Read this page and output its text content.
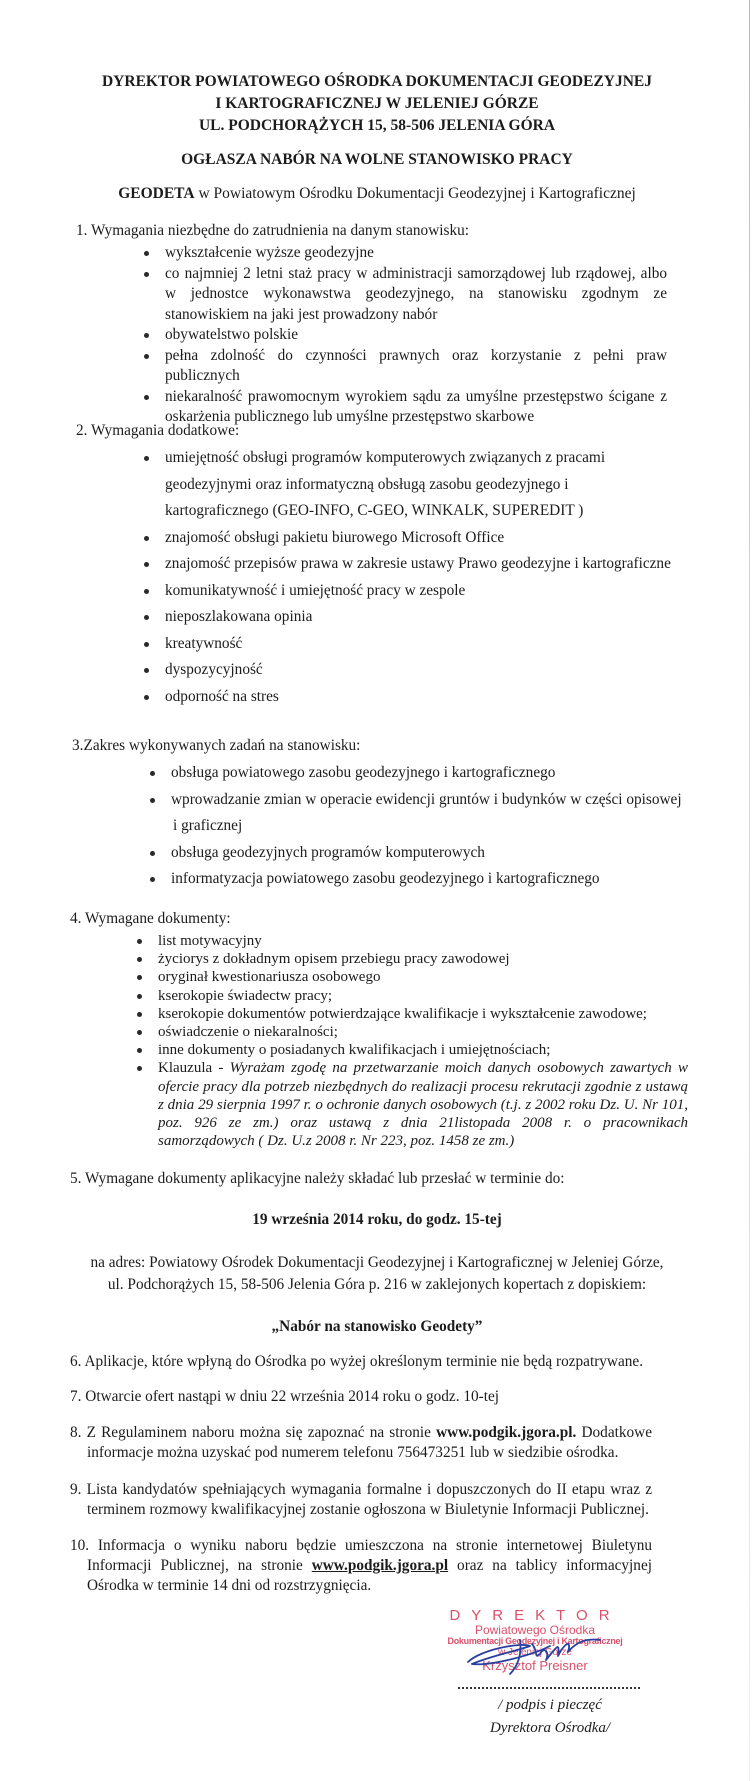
DYREKTOR POWIATOWEGO OŚRODKA DOKUMENTACJI GEODEZYJNEJ
I KARTOGRAFICZNEJ W JELENIEJ GÓRZE
UL. PODCHORĄŻYCH 15, 58-506 JELENIA GÓRA
OGŁASZA NABÓR NA WOLNE STANOWISKO PRACY
GEODETA w Powiatowym Ośrodku Dokumentacji Geodezyjnej i Kartograficznej
1. Wymagania niezbędne do zatrudnienia na danym stanowisku:
wykształcenie wyższe geodezyjne
co najmniej 2 letni staż pracy w administracji samorządowej lub rządowej, albo w jednostce wykonawstwa geodezyjnego, na stanowisku zgodnym ze stanowiskiem na jaki jest prowadzony nabór
obywatelstwo polskie
pełna zdolność do czynności prawnych oraz korzystanie z pełni praw publicznych
niekaralność prawomocnym wyrokiem sądu za umyślne przestępstwo ścigane z oskarżenia publicznego lub umyślne przestępstwo skarbowe
2. Wymagania dodatkowe:
umiejętność obsługi programów komputerowych związanych z pracami geodezyjnymi oraz informatyczną obsługą zasobu geodezyjnego i kartograficznego (GEO-INFO, C-GEO, WINKALK, SUPEREDIT )
znajomość obsługi pakietu biurowego Microsoft Office
znajomość przepisów prawa w zakresie ustawy Prawo geodezyjne i kartograficzne
komunikatywność i umiejętność pracy w zespole
nieposzlakowana opinia
kreatywność
dyspozycyjność
odporność na stres
3.Zakres wykonywanych zadań na stanowisku:
obsługa powiatowego zasobu geodezyjnego i kartograficznego
wprowadzanie zmian w operacie ewidencji gruntów i budynków w części opisowej
i graficznej
obsługa geodezyjnych programów komputerowych
informatyzacja powiatowego zasobu geodezyjnego i kartograficznego
4. Wymagane dokumenty:
list motywacyjny
życiorys z dokładnym opisem przebiegu pracy zawodowej
oryginał kwestionariusza osobowego
kserokopie świadectw pracy;
kserokopie dokumentów potwierdzające kwalifikacje i wykształcenie zawodowe;
oświadczenie o niekaralności;
inne dokumenty o posiadanych kwalifikacjach i umiejętnościach;
Klauzula - Wyrażam zgodę na przetwarzanie moich danych osobowych zawartych w ofercie pracy dla potrzeb niezbędnych do realizacji procesu rekrutacji zgodnie z ustawą z dnia 29 sierpnia 1997 r. o ochronie danych osobowych (t.j. z 2002 roku Dz. U. Nr 101, poz. 926 ze zm.) oraz ustawą z dnia 21listopada 2008 r. o pracownikach samorządowych ( Dz. U.z 2008 r. Nr 223, poz. 1458 ze zm.)
5. Wymagane dokumenty aplikacyjne należy składać lub przesłać w terminie do:
19 września 2014 roku, do godz. 15-tej
na adres: Powiatowy Ośrodek Dokumentacji Geodezyjnej i Kartograficznej w Jeleniej Górze,
ul. Podchorążych 15, 58-506 Jelenia Góra p. 216 w zaklejonych kopertach z dopiskiem:
„Nabór na stanowisko Geodety”
6. Aplikacje, które wpłyną do Ośrodka po wyżej określonym terminie nie będą rozpatrywane.
7. Otwarcie ofert nastąpi w dniu 22 września 2014 roku o godz. 10-tej
8. Z Regulaminem naboru można się zapoznać na stronie www.podgik.jgora.pl. Dodatkowe informacje można uzyskać pod numerem telefonu 756473251 lub w siedzibie ośrodka.
9. Lista kandydatów spełniających wymagania formalne i dopuszczonych do II etapu wraz z terminem rozmowy kwalifikacyjnej zostanie ogłoszona w Biuletynie Informacji Publicznej.
10. Informacja o wyniku naboru będzie umieszczona na stronie internetowej Biuletynu Informacji Publicznej, na stronie www.podgik.jgora.pl oraz na tablicy informacyjnej Ośrodka w terminie 14 dni od rozstrzygnięcia.
DYREKTOR
Powiatowego Ośrodka
Dokumentacji Geodezyjnej i Kartograficznej
w Jeleniej Górze
Krzysztof Preisner
/ podpis i pieczęć
Dyrektora Ośrodka/
